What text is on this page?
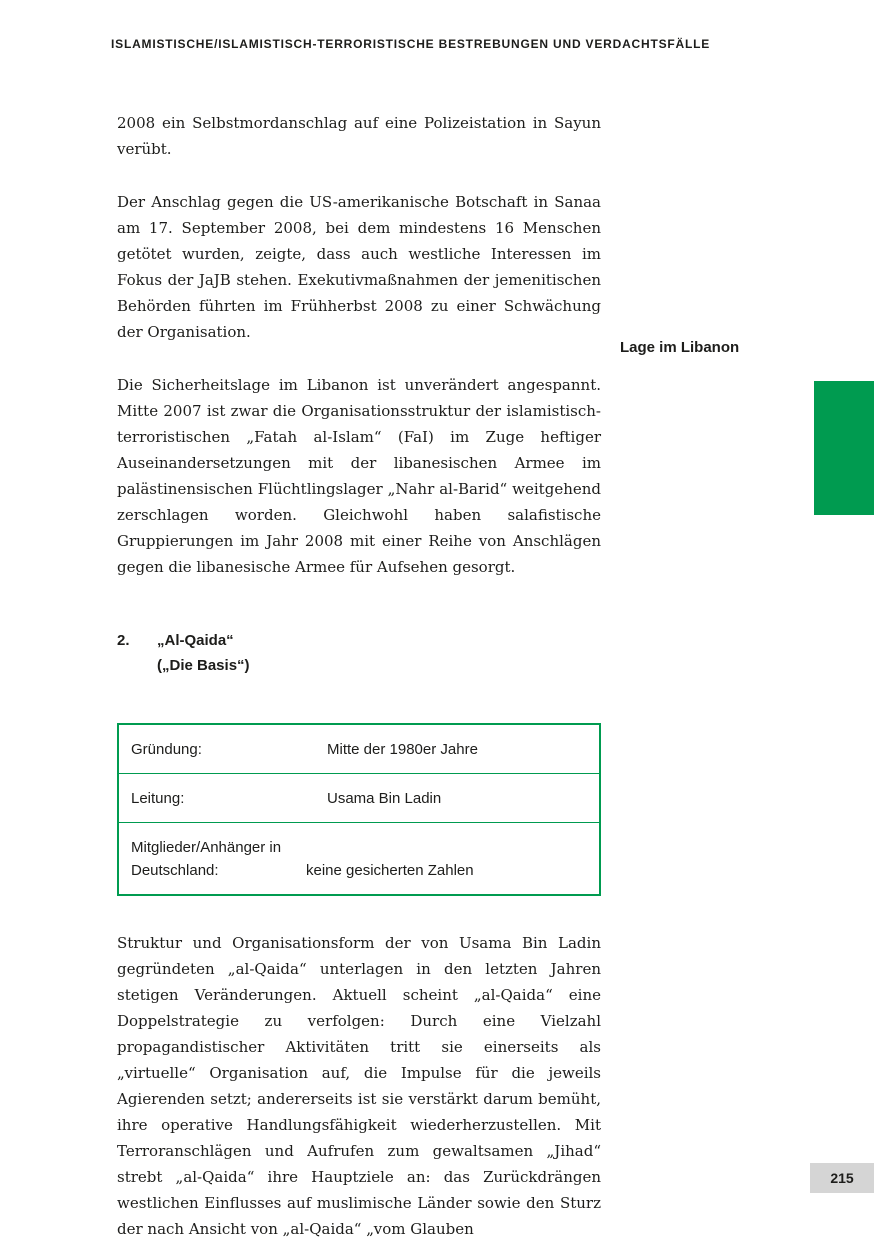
ISLAMISTISCHE/ISLAMISTISCH-TERRORISTISCHE BESTREBUNGEN UND VERDACHTSFÄLLE

2008 ein Selbstmordanschlag auf eine Polizeistation in Sayun verübt.

Der Anschlag gegen die US-amerikanische Botschaft in Sanaa am 17. September 2008, bei dem mindestens 16 Menschen getötet wurden, zeigte, dass auch westliche Interessen im Fokus der JaJB stehen. Exekutivmaßnahmen der jemenitischen Behörden führten im Frühherbst 2008 zu einer Schwächung der Organisation.

Die Sicherheitslage im Libanon ist unverändert angespannt. Mitte 2007 ist zwar die Organisationsstruktur der islamistisch-terroristischen „Fatah al-Islam“ (FaI) im Zuge heftiger Auseinandersetzungen mit der libanesischen Armee im palästinensischen Flüchtlingslager „Nahr al-Barid“ weitgehend zerschlagen worden. Gleichwohl haben salafistische Gruppierungen im Jahr 2008 mit einer Reihe von Anschlägen gegen die libanesische Armee für Aufsehen gesorgt.

2.	„Al-Qaida“
(„Die Basis“)
Gründung:	Mitte der 1980er Jahre
Leitung:	Usama Bin Ladin
Mitglieder/Anhänger in Deutschland:	keine gesicherten Zahlen

Struktur und Organisationsform der von Usama Bin Ladin gegründeten „al-Qaida“ unterlagen in den letzten Jahren stetigen Veränderungen. Aktuell scheint „al-Qaida“ eine Doppelstrategie zu verfolgen: Durch eine Vielzahl propagandistischer Aktivitäten tritt sie einerseits als „virtuelle“ Organisation auf, die Impulse für die jeweils Agierenden setzt; andererseits ist sie verstärkt darum bemüht, ihre operative Handlungsfähigkeit wiederherzustellen. Mit Terroranschlägen und Aufrufen zum gewaltsamen „Jihad“ strebt „al-Qaida“ ihre Hauptziele an: das Zurückdrängen westlichen Einflusses auf muslimische Länder sowie den Sturz der nach Ansicht von „al-Qaida“ „vom Glauben

Lage im Libanon
215
